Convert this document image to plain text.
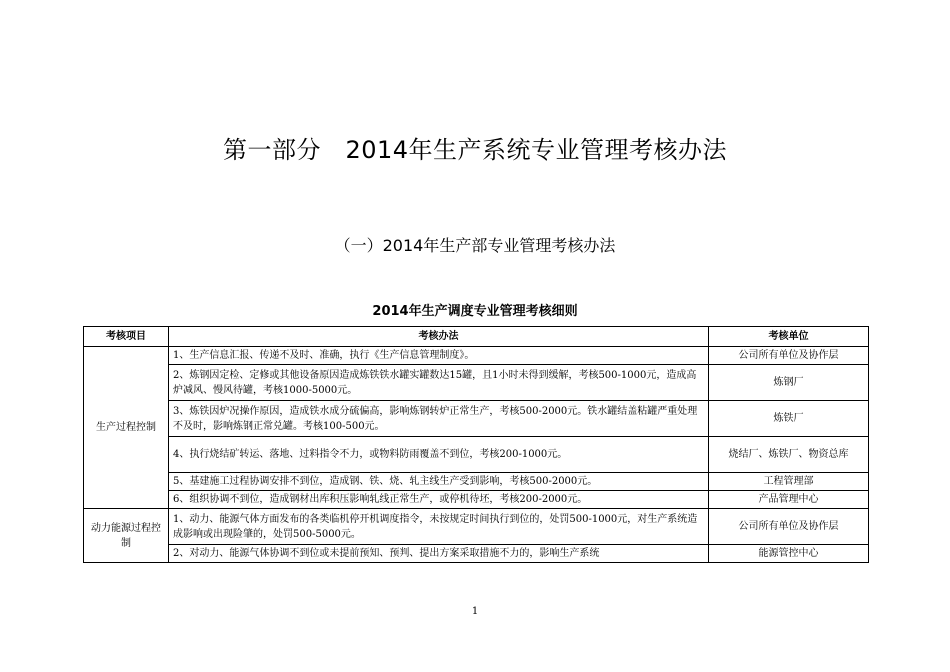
第一部分　2014年生产系统专业管理考核办法
（一）2014年生产部专业管理考核办法
2014年生产调度专业管理考核细则
考核项目	考核办法	考核单位
生产过程控制	1、生产信息汇报、传递不及时、准确，执行《生产信息管理制度》。	公司所有单位及协作层
	2、炼钢因定检、定修或其他设备原因造成炼铁铁水罐实罐数达15罐，且1小时未得到缓解，考核500-1000元，造成高炉减风、慢风待罐，考核1000-5000元。	炼钢厂
	3、炼铁因炉况操作原因，造成铁水成分硫偏高，影响炼钢转炉正常生产，考核500-2000元。铁水罐结盖粘罐严重处理不及时，影响炼钢正常兑罐。考核100-500元。	炼铁厂
	4、执行烧结矿转运、落地、过料指令不力，或物料防雨覆盖不到位，考核200-1000元。	烧结厂、炼铁厂、物资总库
	5、基建施工过程协调安排不到位，造成钢、铁、烧、轧主线生产受到影响，考核500-2000元。	工程管理部
	6、组织协调不到位，造成钢材出库积压影响轧线正常生产，或停机待坯，考核200-2000元。	产品管理中心
动力能源过程控制	1、动力、能源气体方面发布的各类临机停开机调度指令，未按规定时间执行到位的，处罚500-1000元，对生产系统造成影响或出现险肇的，处罚500-5000元。	公司所有单位及协作层
	2、对动力、能源气体协调不到位或未提前预知、预判、提出方案采取措施不力的，影响生产系统	能源管控中心
1
